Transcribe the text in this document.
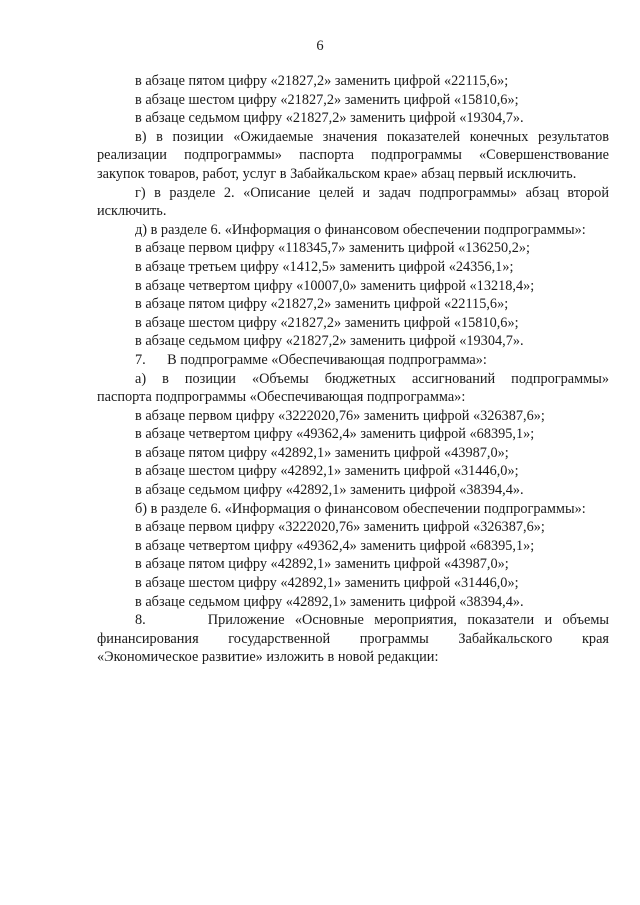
6
в абзаце пятом цифру «21827,2» заменить цифрой «22115,6»;
в абзаце шестом цифру «21827,2» заменить цифрой «15810,6»;
в абзаце седьмом цифру «21827,2» заменить цифрой «19304,7».
в) в позиции «Ожидаемые значения показателей конечных результатов
реализации подпрограммы» паспорта подпрограммы «Совершенствование
закупок товаров, работ, услуг в Забайкальском крае» абзац первый исключить.
г) в разделе 2. «Описание целей и задач подпрограммы» абзац второй
исключить.
д) в разделе 6. «Информация о финансовом обеспечении подпрограммы»:
в абзаце первом цифру «118345,7» заменить цифрой «136250,2»;
в абзаце третьем цифру «1412,5» заменить цифрой «24356,1»;
в абзаце четвертом цифру «10007,0» заменить цифрой «13218,4»;
в абзаце пятом цифру «21827,2» заменить цифрой «22115,6»;
в абзаце шестом цифру «21827,2» заменить цифрой «15810,6»;
в абзаце седьмом цифру «21827,2» заменить цифрой «19304,7».
7.      В подпрограмме «Обеспечивающая подпрограмма»:
а) в позиции «Объемы бюджетных ассигнований подпрограммы»
паспорта подпрограммы «Обеспечивающая подпрограмма»:
в абзаце первом цифру «3222020,76» заменить цифрой «326387,6»;
в абзаце четвертом цифру «49362,4» заменить цифрой «68395,1»;
в абзаце пятом цифру «42892,1» заменить цифрой «43987,0»;
в абзаце шестом цифру «42892,1» заменить цифрой «31446,0»;
в абзаце седьмом цифру «42892,1» заменить цифрой «38394,4».
б) в разделе 6. «Информация о финансовом обеспечении подпрограммы»:
в абзаце первом цифру «3222020,76» заменить цифрой «326387,6»;
в абзаце четвертом цифру «49362,4» заменить цифрой «68395,1»;
в абзаце пятом цифру «42892,1» заменить цифрой «43987,0»;
в абзаце шестом цифру «42892,1» заменить цифрой «31446,0»;
в абзаце седьмом цифру «42892,1» заменить цифрой «38394,4».
8.      Приложение «Основные мероприятия, показатели и объемы
финансирования государственной программы Забайкальского края
«Экономическое развитие» изложить в новой редакции:
